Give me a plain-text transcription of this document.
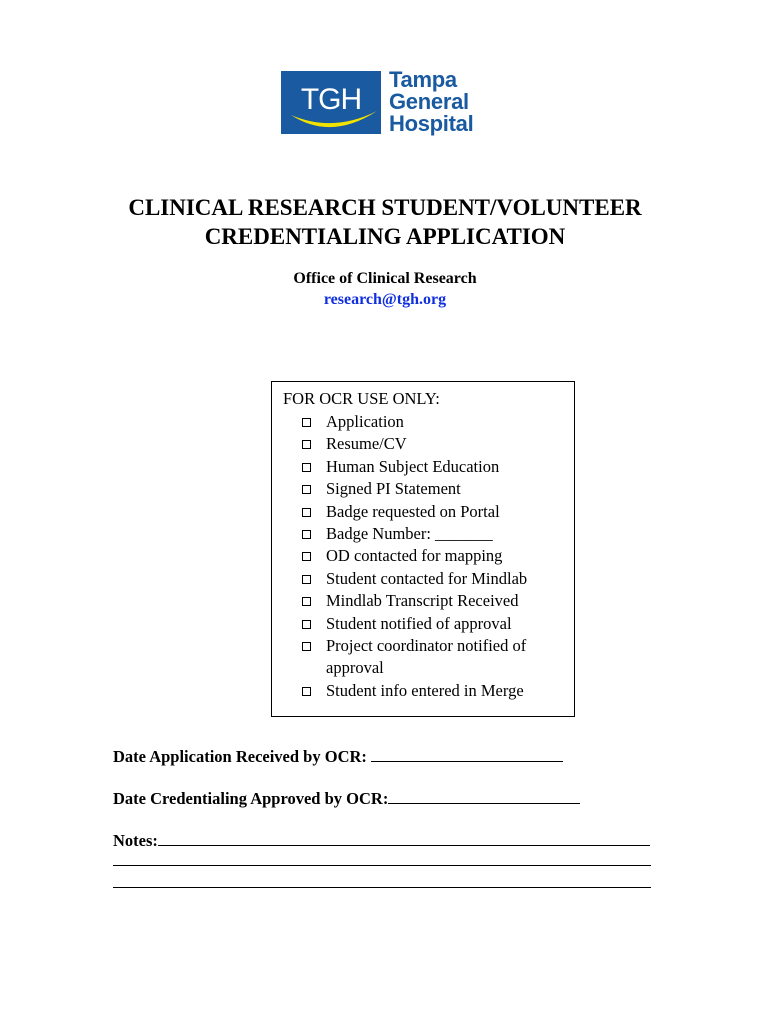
TGH
Tampa
General
Hospital
CLINICAL RESEARCH STUDENT/VOLUNTEER
CREDENTIALING APPLICATION
Office of Clinical Research
research@tgh.org
FOR OCR USE ONLY:
Application
Resume/CV
Human Subject Education
Signed PI Statement
Badge requested on Portal
Badge Number: _______
OD contacted for mapping
Student contacted for Mindlab
Mindlab Transcript Received
Student notified of approval
Project coordinator notified of approval
Student info entered in Merge
Date Application Received by OCR:
Date Credentialing Approved by OCR:
Notes:
